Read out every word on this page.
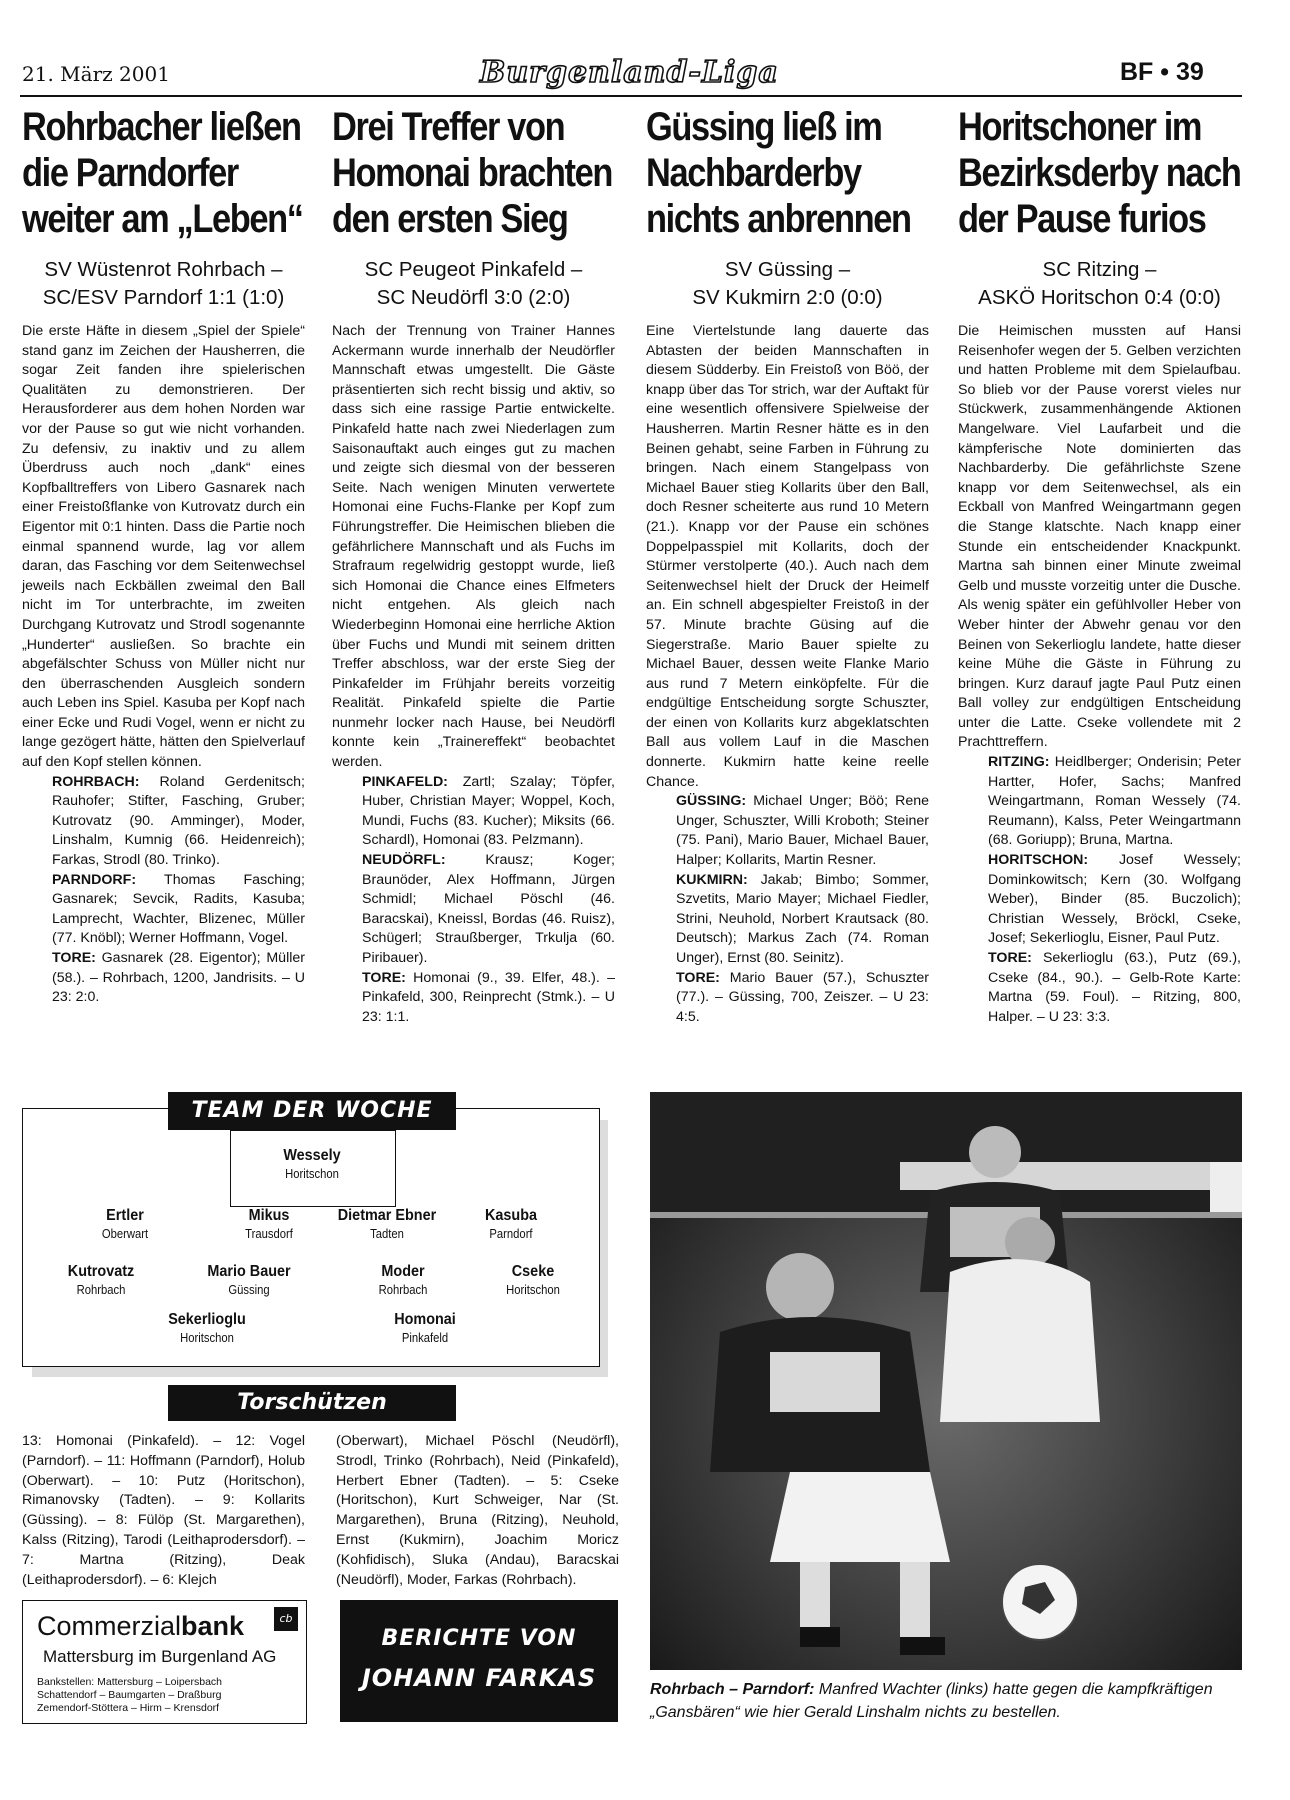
21. März 2001	Burgenland-Liga	BF • 39
Rohrbacher ließen die Parndorfer weiter am „Leben“
SV Wüstenrot Rohrbach –
SC/ESV Parndorf 1:1 (1:0)

Die erste Häfte in diesem „Spiel der Spiele“ stand ganz im Zeichen der Hausherren, die sogar Zeit fanden ihre spielerischen Qualitäten zu demonstrieren. Der Herausforderer aus dem hohen Norden war vor der Pause so gut wie nicht vorhanden. Zu defensiv, zu inaktiv und zu allem Überdruss auch noch „dank“ eines Kopfballtreffers von Libero Gasnarek nach einer Freistoßflanke von Kutrovatz durch ein Eigentor mit 0:1 hinten. Dass die Partie noch einmal spannend wurde, lag vor allem daran, das Fasching vor dem Seitenwechsel jeweils nach Eckbällen zweimal den Ball nicht im Tor unterbrachte, im zweiten Durchgang Kutrovatz und Strodl sogenannte „Hunderter“ ausließen. So brachte ein abgefälschter Schuss von Müller nicht nur den überraschenden Ausgleich sondern auch Leben ins Spiel. Kasuba per Kopf nach einer Ecke und Rudi Vogel, wenn er nicht zu lange gezögert hätte, hätten den Spielverlauf auf den Kopf stellen können.

ROHRBACH: Roland Gerdenitsch; Rauhofer; Stifter, Fasching, Gruber; Kutrovatz (90. Amminger), Moder, Linshalm, Kumnig (66. Heidenreich); Farkas, Strodl (80. Trinko).

PARNDORF: Thomas Fasching; Gasnarek; Sevcik, Radits, Kasuba; Lamprecht, Wachter, Blizenec, Müller (77. Knöbl); Werner Hoffmann, Vogel.

TORE: Gasnarek (28. Eigentor); Müller (58.). – Rohrbach, 1200, Jandrisits. – U 23: 2:0.

Drei Treffer von Homonai brachten den ersten Sieg
SC Peugeot Pinkafeld –
SC Neudörfl 3:0 (2:0)

Nach der Trennung von Trainer Hannes Ackermann wurde innerhalb der Neudörfler Mannschaft etwas umgestellt. Die Gäste präsentierten sich recht bissig und aktiv, so dass sich eine rassige Partie entwickelte. Pinkafeld hatte nach zwei Niederlagen zum Saisonauftakt auch einges gut zu machen und zeigte sich diesmal von der besseren Seite. Nach wenigen Minuten verwertete Homonai eine Fuchs-Flanke per Kopf zum Führungstreffer. Die Heimischen blieben die gefährlichere Mannschaft und als Fuchs im Strafraum regelwidrig gestoppt wurde, ließ sich Homonai die Chance eines Elfmeters nicht entgehen. Als gleich nach Wiederbeginn Homonai eine herrliche Aktion über Fuchs und Mundi mit seinem dritten Treffer abschloss, war der erste Sieg der Pinkafelder im Frühjahr bereits vorzeitig Realität. Pinkafeld spielte die Partie nunmehr locker nach Hause, bei Neudörfl konnte kein „Trainereffekt“ beobachtet werden.

PINKAFELD: Zartl; Szalay; Töpfer, Huber, Christian Mayer; Woppel, Koch, Mundi, Fuchs (83. Kucher); Miksits (66. Schardl), Homonai (83. Pelzmann).

NEUDÖRFL: Krausz; Koger; Braunöder, Alex Hoffmann, Jürgen Schmidl; Michael Pöschl (46. Baracskai), Kneissl, Bordas (46. Ruisz), Schügerl; Straußberger, Trkulja (60. Piribauer).

TORE: Homonai (9., 39. Elfer, 48.). – Pinkafeld, 300, Reinprecht (Stmk.). – U 23: 1:1.

Güssing ließ im Nachbarderby nichts anbrennen
SV Güssing –
SV Kukmirn 2:0 (0:0)

Eine Viertelstunde lang dauerte das Abtasten der beiden Mannschaften in diesem Südderby. Ein Freistoß von Böö, der knapp über das Tor strich, war der Auftakt für eine wesentlich offensivere Spielweise der Hausherren. Martin Resner hätte es in den Beinen gehabt, seine Farben in Führung zu bringen. Nach einem Stangelpass von Michael Bauer stieg Kollarits über den Ball, doch Resner scheiterte aus rund 10 Metern (21.). Knapp vor der Pause ein schönes Doppelpasspiel mit Kollarits, doch der Stürmer verstolperte (40.). Auch nach dem Seitenwechsel hielt der Druck der Heimelf an. Ein schnell abgespielter Freistoß in der 57. Minute brachte Güsing auf die Siegerstraße. Mario Bauer spielte zu Michael Bauer, dessen weite Flanke Mario aus rund 7 Metern einköpfelte. Für die endgültige Entscheidung sorgte Schuszter, der einen von Kollarits kurz abgeklatschten Ball aus vollem Lauf in die Maschen donnerte. Kukmirn hatte keine reelle Chance.

GÜSSING: Michael Unger; Böö; Rene Unger, Schuszter, Willi Kroboth; Steiner (75. Pani), Mario Bauer, Michael Bauer, Halper; Kollarits, Martin Resner.

KUKMIRN: Jakab; Bimbo; Sommer, Szvetits, Mario Mayer; Michael Fiedler, Strini, Neuhold, Norbert Krautsack (80. Deutsch); Markus Zach (74. Roman Unger), Ernst (80. Seinitz).

TORE: Mario Bauer (57.), Schuszter (77.). – Güssing, 700, Zeiszer. – U 23: 4:5.

Horitschoner im Bezirksderby nach der Pause furios
SC Ritzing –
ASKÖ Horitschon 0:4 (0:0)

Die Heimischen mussten auf Hansi Reisenhofer wegen der 5. Gelben verzichten und hatten Probleme mit dem Spielaufbau. So blieb vor der Pause vorerst vieles nur Stückwerk, zusammenhängende Aktionen Mangelware. Viel Laufarbeit und die kämpferische Note dominierten das Nachbarderby. Die gefährlichste Szene knapp vor dem Seitenwechsel, als ein Eckball von Manfred Weingartmann gegen die Stange klatschte. Nach knapp einer Stunde ein entscheidender Knackpunkt. Martna sah binnen einer Minute zweimal Gelb und musste vorzeitig unter die Dusche. Als wenig später ein gefühlvoller Heber von Weber hinter der Abwehr genau vor den Beinen von Sekerlioglu landete, hatte dieser keine Mühe die Gäste in Führung zu bringen. Kurz darauf jagte Paul Putz einen Ball volley zur endgültigen Entscheidung unter die Latte. Cseke vollendete mit 2 Prachttreffern.

RITZING: Heidlberger; Onderisin; Peter Hartter, Hofer, Sachs; Manfred Weingartmann, Roman Wessely (74. Reumann), Kalss, Peter Weingartmann (68. Goriupp); Bruna, Martna.

HORITSCHON: Josef Wessely; Dominkowitsch; Kern (30. Wolfgang Weber), Binder (85. Buczolich); Christian Wessely, Bröckl, Cseke, Josef; Sekerlioglu, Eisner, Paul Putz.

TORE: Sekerlioglu (63.), Putz (69.), Cseke (84., 90.). – Gelb-Rote Karte: Martna (59. Foul). – Ritzing, 800, Halper. – U 23: 3:3.

TEAM DER WOCHE
Wessely
Horitschon
Ertler
Oberwart
Mikus
Trausdorf
Dietmar Ebner
Tadten
Kasuba
Parndorf
Kutrovatz
Rohrbach
Mario Bauer
Güssing
Moder
Rohrbach
Cseke
Horitschon
Sekerlioglu
Horitschon
Homonai
Pinkafeld
Torschützen
13: Homonai (Pinkafeld). – 12: Vogel (Parndorf). – 11: Hoffmann (Parndorf), Holub (Oberwart). – 10: Putz (Horitschon), Rimanovsky (Tadten). – 9: Kollarits (Güssing). – 8: Fülöp (St. Margarethen), Kalss (Ritzing), Tarodi (Leithaprodersdorf). – 7: Martna (Ritzing), Deak (Leithaprodersdorf). – 6: Klejch
(Oberwart), Michael Pöschl (Neudörfl), Strodl, Trinko (Rohrbach), Neid (Pinkafeld), Herbert Ebner (Tadten). – 5: Cseke (Horitschon), Kurt Schweiger, Nar (St. Margarethen), Bruna (Ritzing), Neuhold, Ernst (Kukmirn), Joachim Moricz (Kohfidisch), Sluka (Andau), Baracskai (Neudörfl), Moder, Farkas (Rohrbach).
Commerzialbank	cb
Mattersburg im Burgenland AG
Bankstellen: Mattersburg – Loipersbach
Schattendorf – Baumgarten – Draßburg
Zemendorf-Stöttera – Hirm – Krensdorf
BERICHTE VON
JOHANN FARKAS	Rohrbach – Parndorf: Manfred Wachter (links) hatte gegen die kampfkräftigen „Gansbären“ wie hier Gerald Linshalm nichts zu bestellen.
